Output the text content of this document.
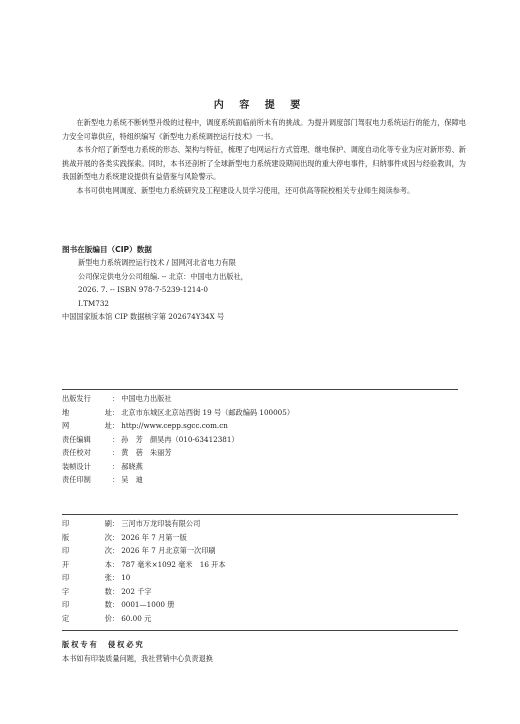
内 容 提 要

在新型电力系统不断转型升级的过程中，调度系统面临前所未有的挑战。为提升调度部门驾驭电力系统运行的能力，保障电力安全可靠供应，特组织编写《新型电力系统调控运行技术》一书。

本书介绍了新型电力系统的形态、架构与特征，梳理了电网运行方式管理、继电保护、调度自动化等专业为应对新形势、新挑战开展的各类实践探索。同时，本书还剖析了全球新型电力系统建设期间出现的重大停电事件，归纳事件成因与经验教训，为我国新型电力系统建设提供有益借鉴与风险警示。

本书可供电网调度、新型电力系统研究及工程建设人员学习使用，还可供高等院校相关专业师生阅读参考。

图书在版编目（CIP）数据
新型电力系统调控运行技术 / 国网河北省电力有限
公司保定供电分公司组编. -- 北京：中国电力出版社，
2026. 7. -- ISBN 978-7-5239-1214-0
Ⅰ.TM732
中国国家版本馆 CIP 数据核字第 202674Y34X 号
出版发行	： 中国电力出版社
地	址 ： 北京市东城区北京站西街 19 号（邮政编码 100005）
网	址 ： http://www.cepp.sgcc.com.cn
责任编辑	： 孙　芳　颜昊冉（010-63412381）
责任校对	： 黄　蓓　朱丽芳
装帧设计	： 郝晓燕
责任印制	： 吴　迪
印	刷 ： 三河市万龙印装有限公司
版	次 ： 2026 年 7 月第一版
印	次 ： 2026 年 7 月北京第一次印刷
开	本 ： 787 毫米×1092 毫米　16 开本
印	张 ： 10
字	数 ： 202 千字
印	数 ： 0001—1000 册
定	价 ： 60.00 元
版权专有　侵权必究
本书如有印装质量问题，我社营销中心负责退换
